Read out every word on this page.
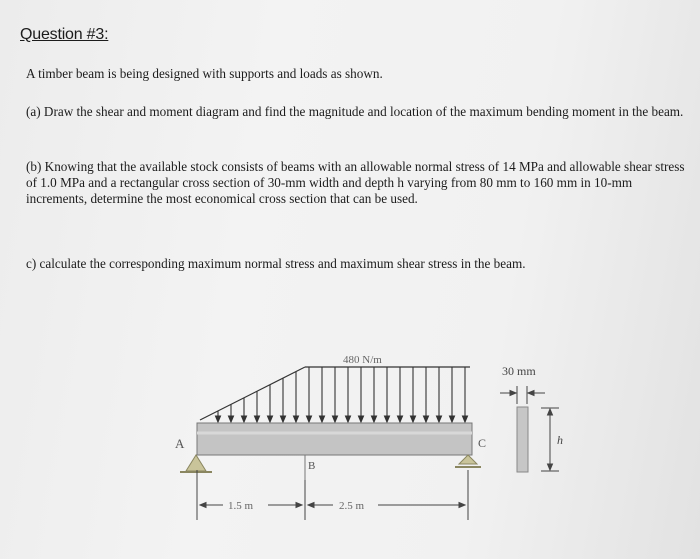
Question #3:
A timber beam is being designed with supports and loads as shown.
(a) Draw the shear and moment diagram and find the magnitude and location of the maximum bending moment in the beam.
(b) Knowing that the available stock consists of beams with an allowable normal stress of 14 MPa and allowable shear stress of 1.0 MPa and a rectangular cross section of 30-mm width and depth h varying from 80 mm to 160 mm in 10-mm increments, determine the most economical cross section that can be used.
c) calculate the corresponding maximum normal stress and maximum shear stress in the beam.
A
B
C
480 N/m
1.5 m	2.5 m
30 mm
h
